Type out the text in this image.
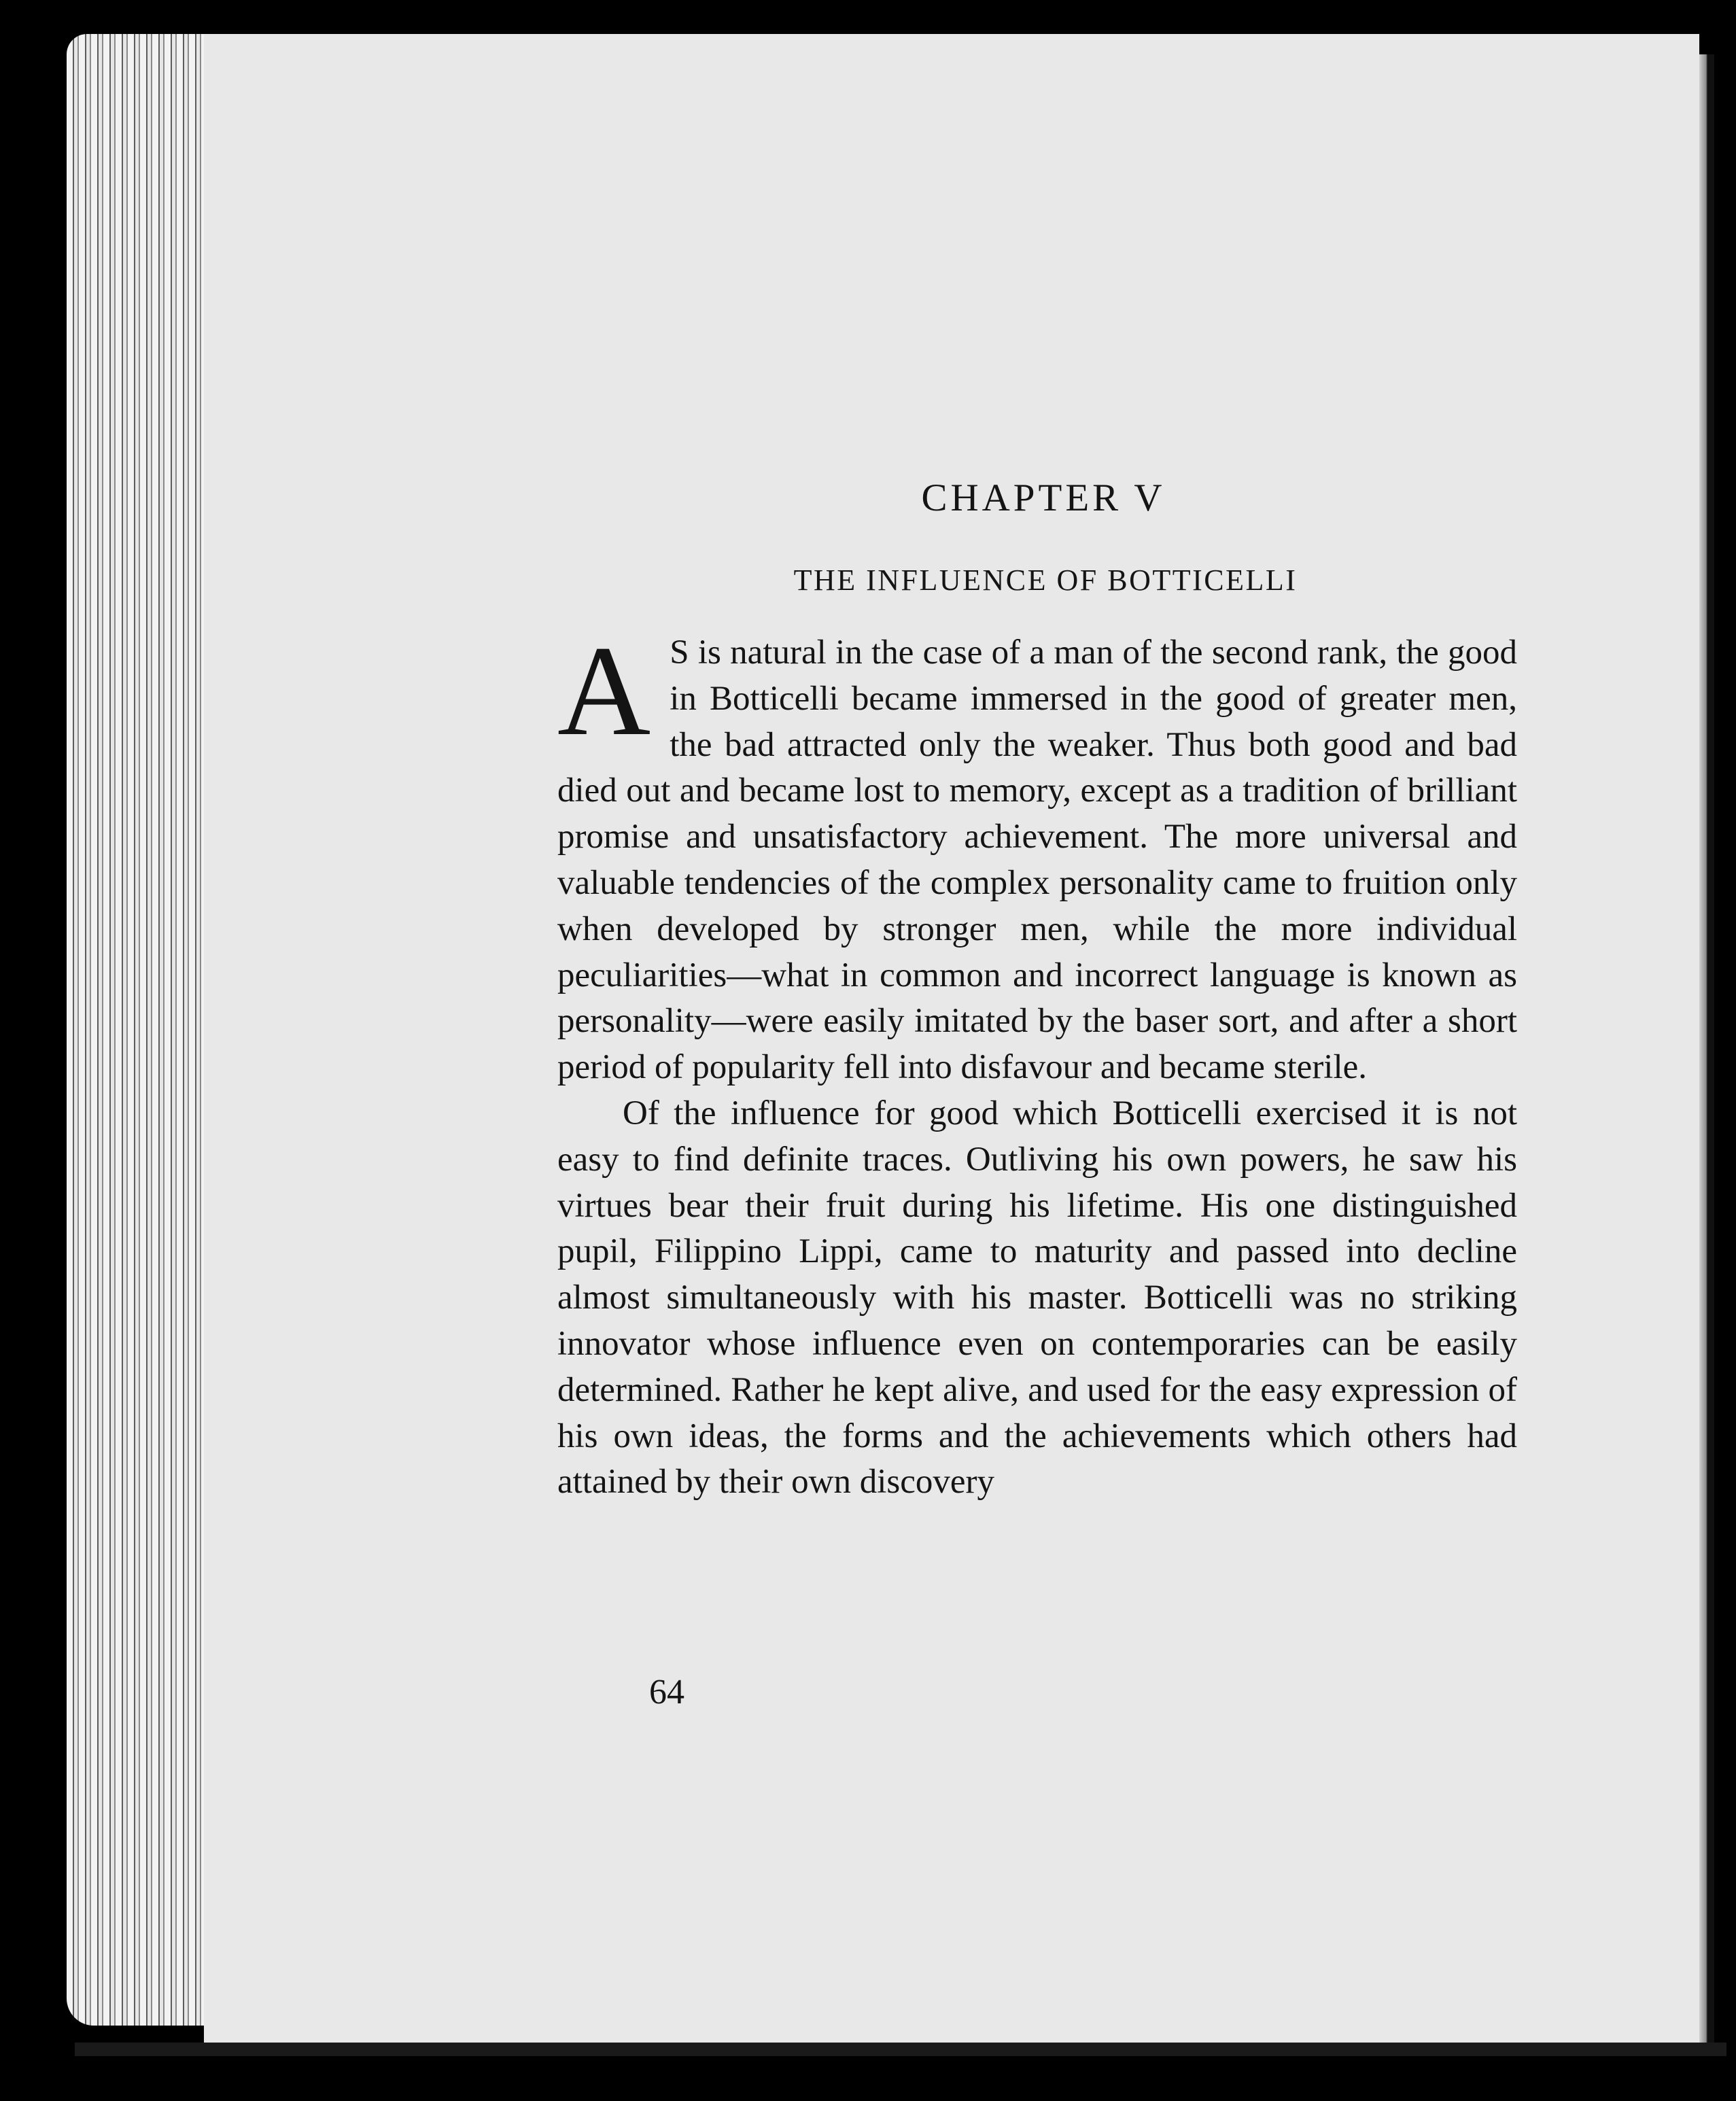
CHAPTER V
THE INFLUENCE OF BOTTICELLI

A S is natural in the case of a man of the second rank, the good in Botticelli became immersed in the good of greater men, the bad attracted only the weaker. Thus both good and bad died out and became lost to memory, except as a tradition of brilliant promise and unsatisfactory achievement. The more universal and valuable tendencies of the complex personality came to fruition only when developed by stronger men, while the more individual peculiarities—what in common and incorrect language is known as personality—were easily imitated by the baser sort, and after a short period of popularity fell into disfavour and became sterile.

Of the influence for good which Botticelli exercised it is not easy to find definite traces. Outliving his own powers, he saw his virtues bear their fruit during his lifetime. His one distinguished pupil, Filippino Lippi, came to maturity and passed into decline almost simultaneously with his master. Botticelli was no striking innovator whose influence even on contemporaries can be easily determined. Rather he kept alive, and used for the easy expression of his own ideas, the forms and the achievements which others had attained by their own discovery

64
